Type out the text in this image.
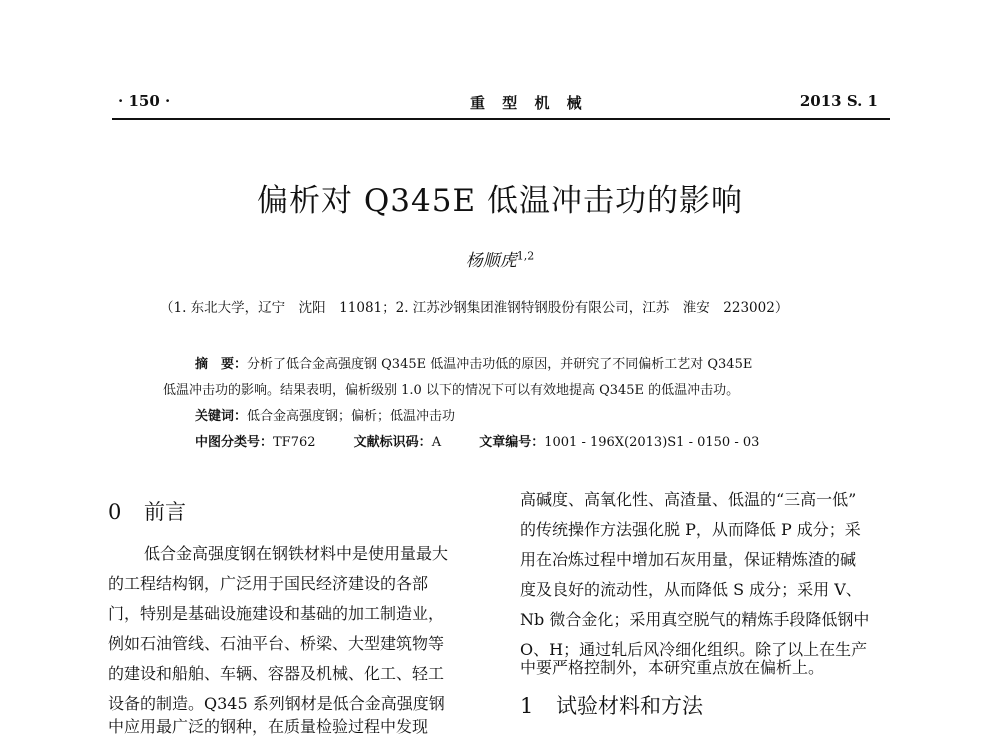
· 150 ·	重 型 机 械	2013 S. 1
偏析对 Q345E 低温冲击功的影响
杨顺虎$^{1,2}$
（1. 东北大学，辽宁　沈阳　11081；2. 江苏沙钢集团淮钢特钢股份有限公司，江苏　淮安　223002）
摘　要：分析了低合金高强度钢 Q345E 低温冲击功低的原因，并研究了不同偏析工艺对 Q345E
低温冲击功的影响。结果表明，偏析级别 1.0 以下的情况下可以有效地提高 Q345E 的低温冲击功。
关键词：低合金高强度钢；偏析；低温冲击功
中图分类号：TF762	文献标识码：A	文章编号：1001 - 196X(2013)S1 - 0150 - 03
0 前言
低合金高强度钢在钢铁材料中是使用量最大
的工程结构钢，广泛用于国民经济建设的各部
门，特别是基础设施建设和基础的加工制造业，
例如石油管线、石油平台、桥梁、大型建筑物等
的建设和船舶、车辆、容器及机械、化工、轻工
设备的制造。Q345 系列钢材是低合金高强度钢
中应用最广泛的钢种，在质量检验过程中发现
高碱度、高氧化性、高渣量、低温的“三高一低”
的传统操作方法强化脱 P，从而降低 P 成分；采
用在冶炼过程中增加石灰用量，保证精炼渣的碱
度及良好的流动性，从而降低 S 成分；采用 V、
Nb 微合金化；采用真空脱气的精炼手段降低钢中
O、H；通过轧后风冷细化组织。除了以上在生产
中要严格控制外，本研究重点放在偏析上。
1 试验材料和方法
